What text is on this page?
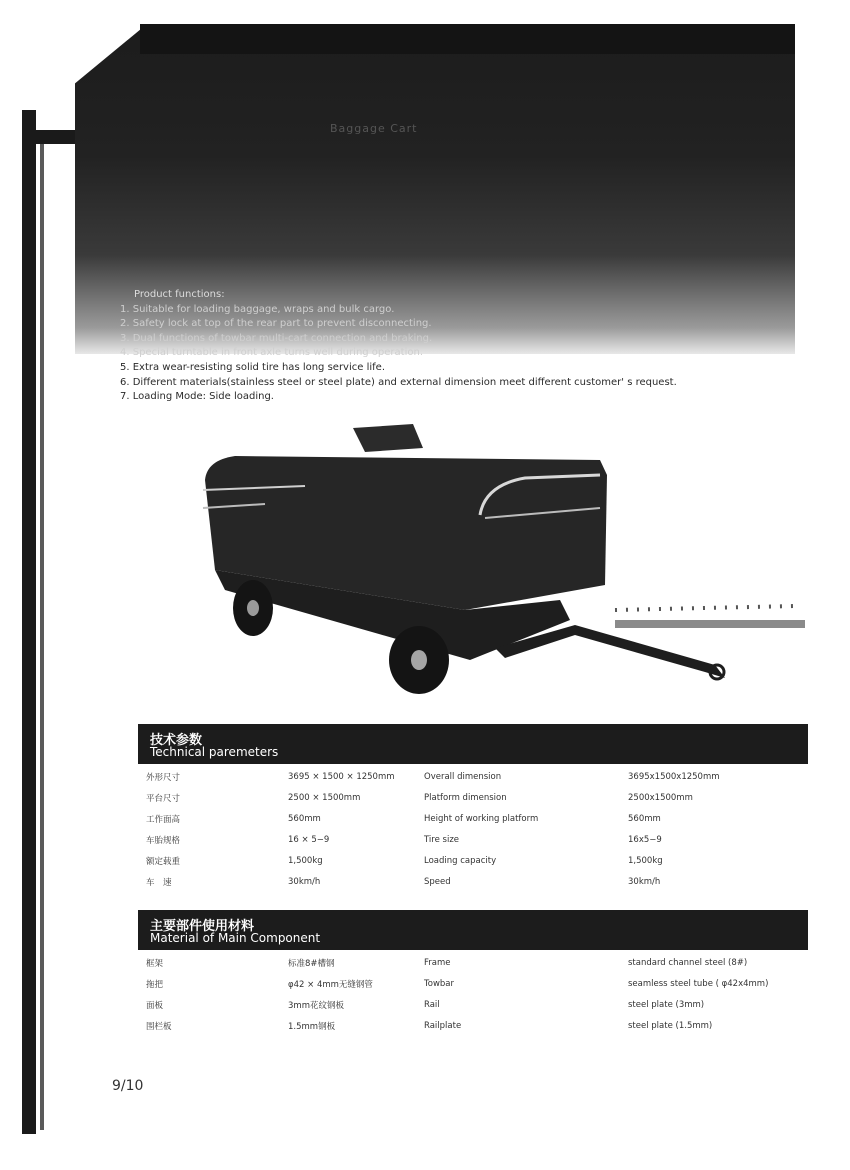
Baggage Cart
Product functions:
1. Suitable for loading baggage, wraps and bulk cargo.
2. Safety lock at top of the rear part to prevent disconnecting.
3. Dual functions of towbar multi-cart connection and braking.
4. Special turntable in front axle turns well during operation.
5. Extra wear-resisting solid tire has long service life.
6. Different materials(stainless steel or steel plate) and external dimension meet different customer' s request.
7. Loading Mode: Side loading.
技术参数
Technical paremeters
外形尺寸	3695 × 1500 × 1250mm	Overall dimension	3695x1500x1250mm
平台尺寸	2500 × 1500mm	Platform dimension	2500x1500mm
工作面高	560mm	Height of working platform	560mm
车胎规格	16 × 5−9	Tire size	16x5−9
额定载重	1,500kg	Loading capacity	1,500kg
车　速	30km/h	Speed	30km/h
主要部件使用材料
Material of Main Component
框架	标准8#槽钢	Frame	standard channel steel (8#)
拖把	φ42 × 4mm无缝钢管	Towbar	seamless steel tube ( φ42x4mm)
面板	3mm花纹钢板	Rail	steel plate (3mm)
围栏板	1.5mm钢板	Railplate	steel plate (1.5mm)
9/10
